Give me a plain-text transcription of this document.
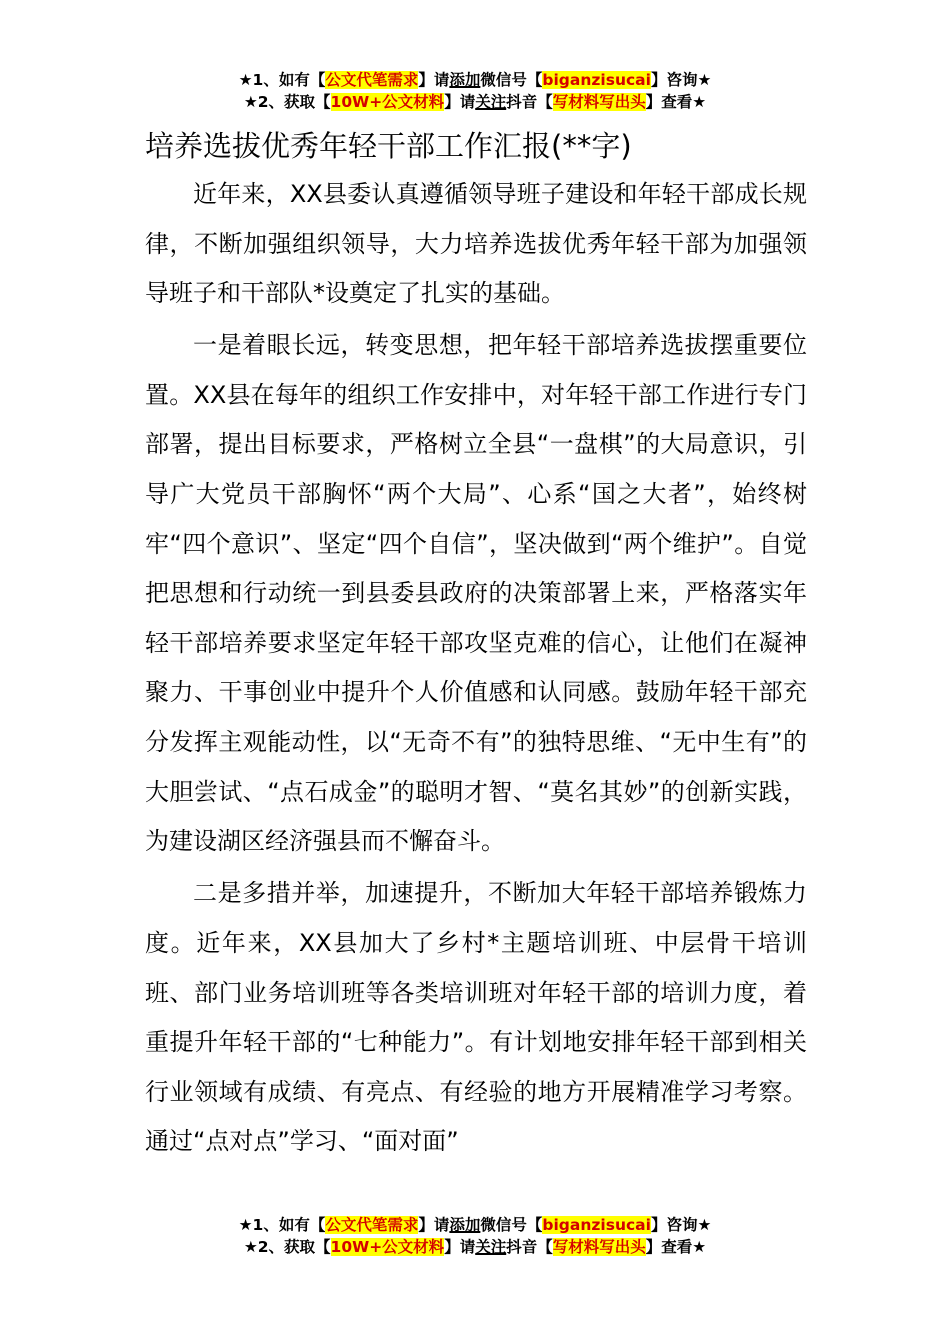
★1、如有【公文代笔需求】请添加微信号【biganzisucai】咨询★
★2、获取【10W+公文材料】请关注抖音【写材料写出头】查看★
培养选拔优秀年轻干部工作汇报(**字)

近年来，XX县委认真遵循领导班子建设和年轻干部成长规律，不断加强组织领导，大力培养选拔优秀年轻干部为加强领导班子和干部队*设奠定了扎实的基础。

一是着眼长远，转变思想，把年轻干部培养选拔摆重要位置。XX县在每年的组织工作安排中，对年轻干部工作进行专门部署，提出目标要求，严格树立全县“一盘棋”的大局意识，引导广大党员干部胸怀“两个大局”、心系“国之大者”，始终树牢“四个意识”、坚定“四个自信”，坚决做到“两个维护”。自觉把思想和行动统一到县委县政府的决策部署上来，严格落实年轻干部培养要求坚定年轻干部攻坚克难的信心，让他们在凝神聚力、干事创业中提升个人价值感和认同感。鼓励年轻干部充分发挥主观能动性，以“无奇不有”的独特思维、“无中生有”的大胆尝试、“点石成金”的聪明才智、“莫名其妙”的创新实践，为建设湖区经济强县而不懈奋斗。

二是多措并举，加速提升，不断加大年轻干部培养锻炼力度。近年来，XX县加大了乡村*主题培训班、中层骨干培训班、部门业务培训班等各类培训班对年轻干部的培训力度，着重提升年轻干部的“七种能力”。有计划地安排年轻干部到相关行业领域有成绩、有亮点、有经验的地方开展精准学习考察。通过“点对点”学习、“面对面”

★1、如有【公文代笔需求】请添加微信号【biganzisucai】咨询★
★2、获取【10W+公文材料】请关注抖音【写材料写出头】查看★
